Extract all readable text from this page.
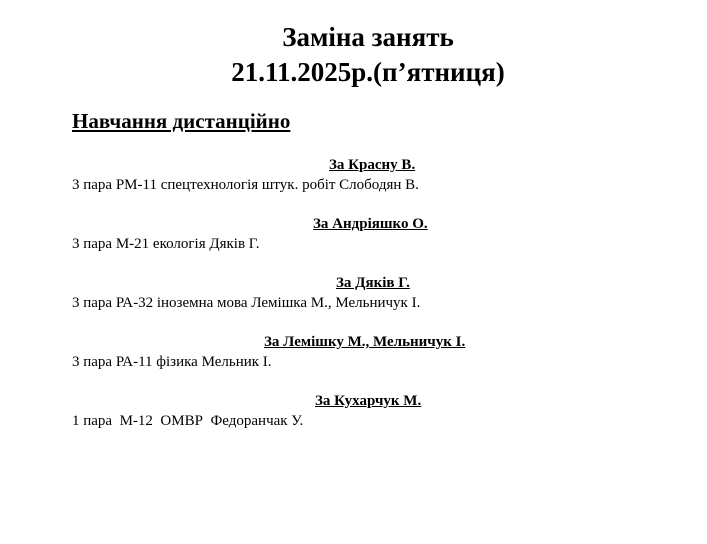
Заміна занять
21.11.2025р.(п’ятниця)
Навчання дистанційно
За Красну В.
3 пара РМ-11 спецтехнологія штук. робіт Слободян В.
За Андріяшко О.
3 пара М-21 екологія Дяків Г.
За Дяків Г.
3 пара РА-32 іноземна мова Лемішка М., Мельничук І.
За Лемішку М., Мельничук І.
3 пара РА-11 фізика Мельник І.
За Кухарчук М.
1 пара  М-12  ОМВР  Федоранчак У.
